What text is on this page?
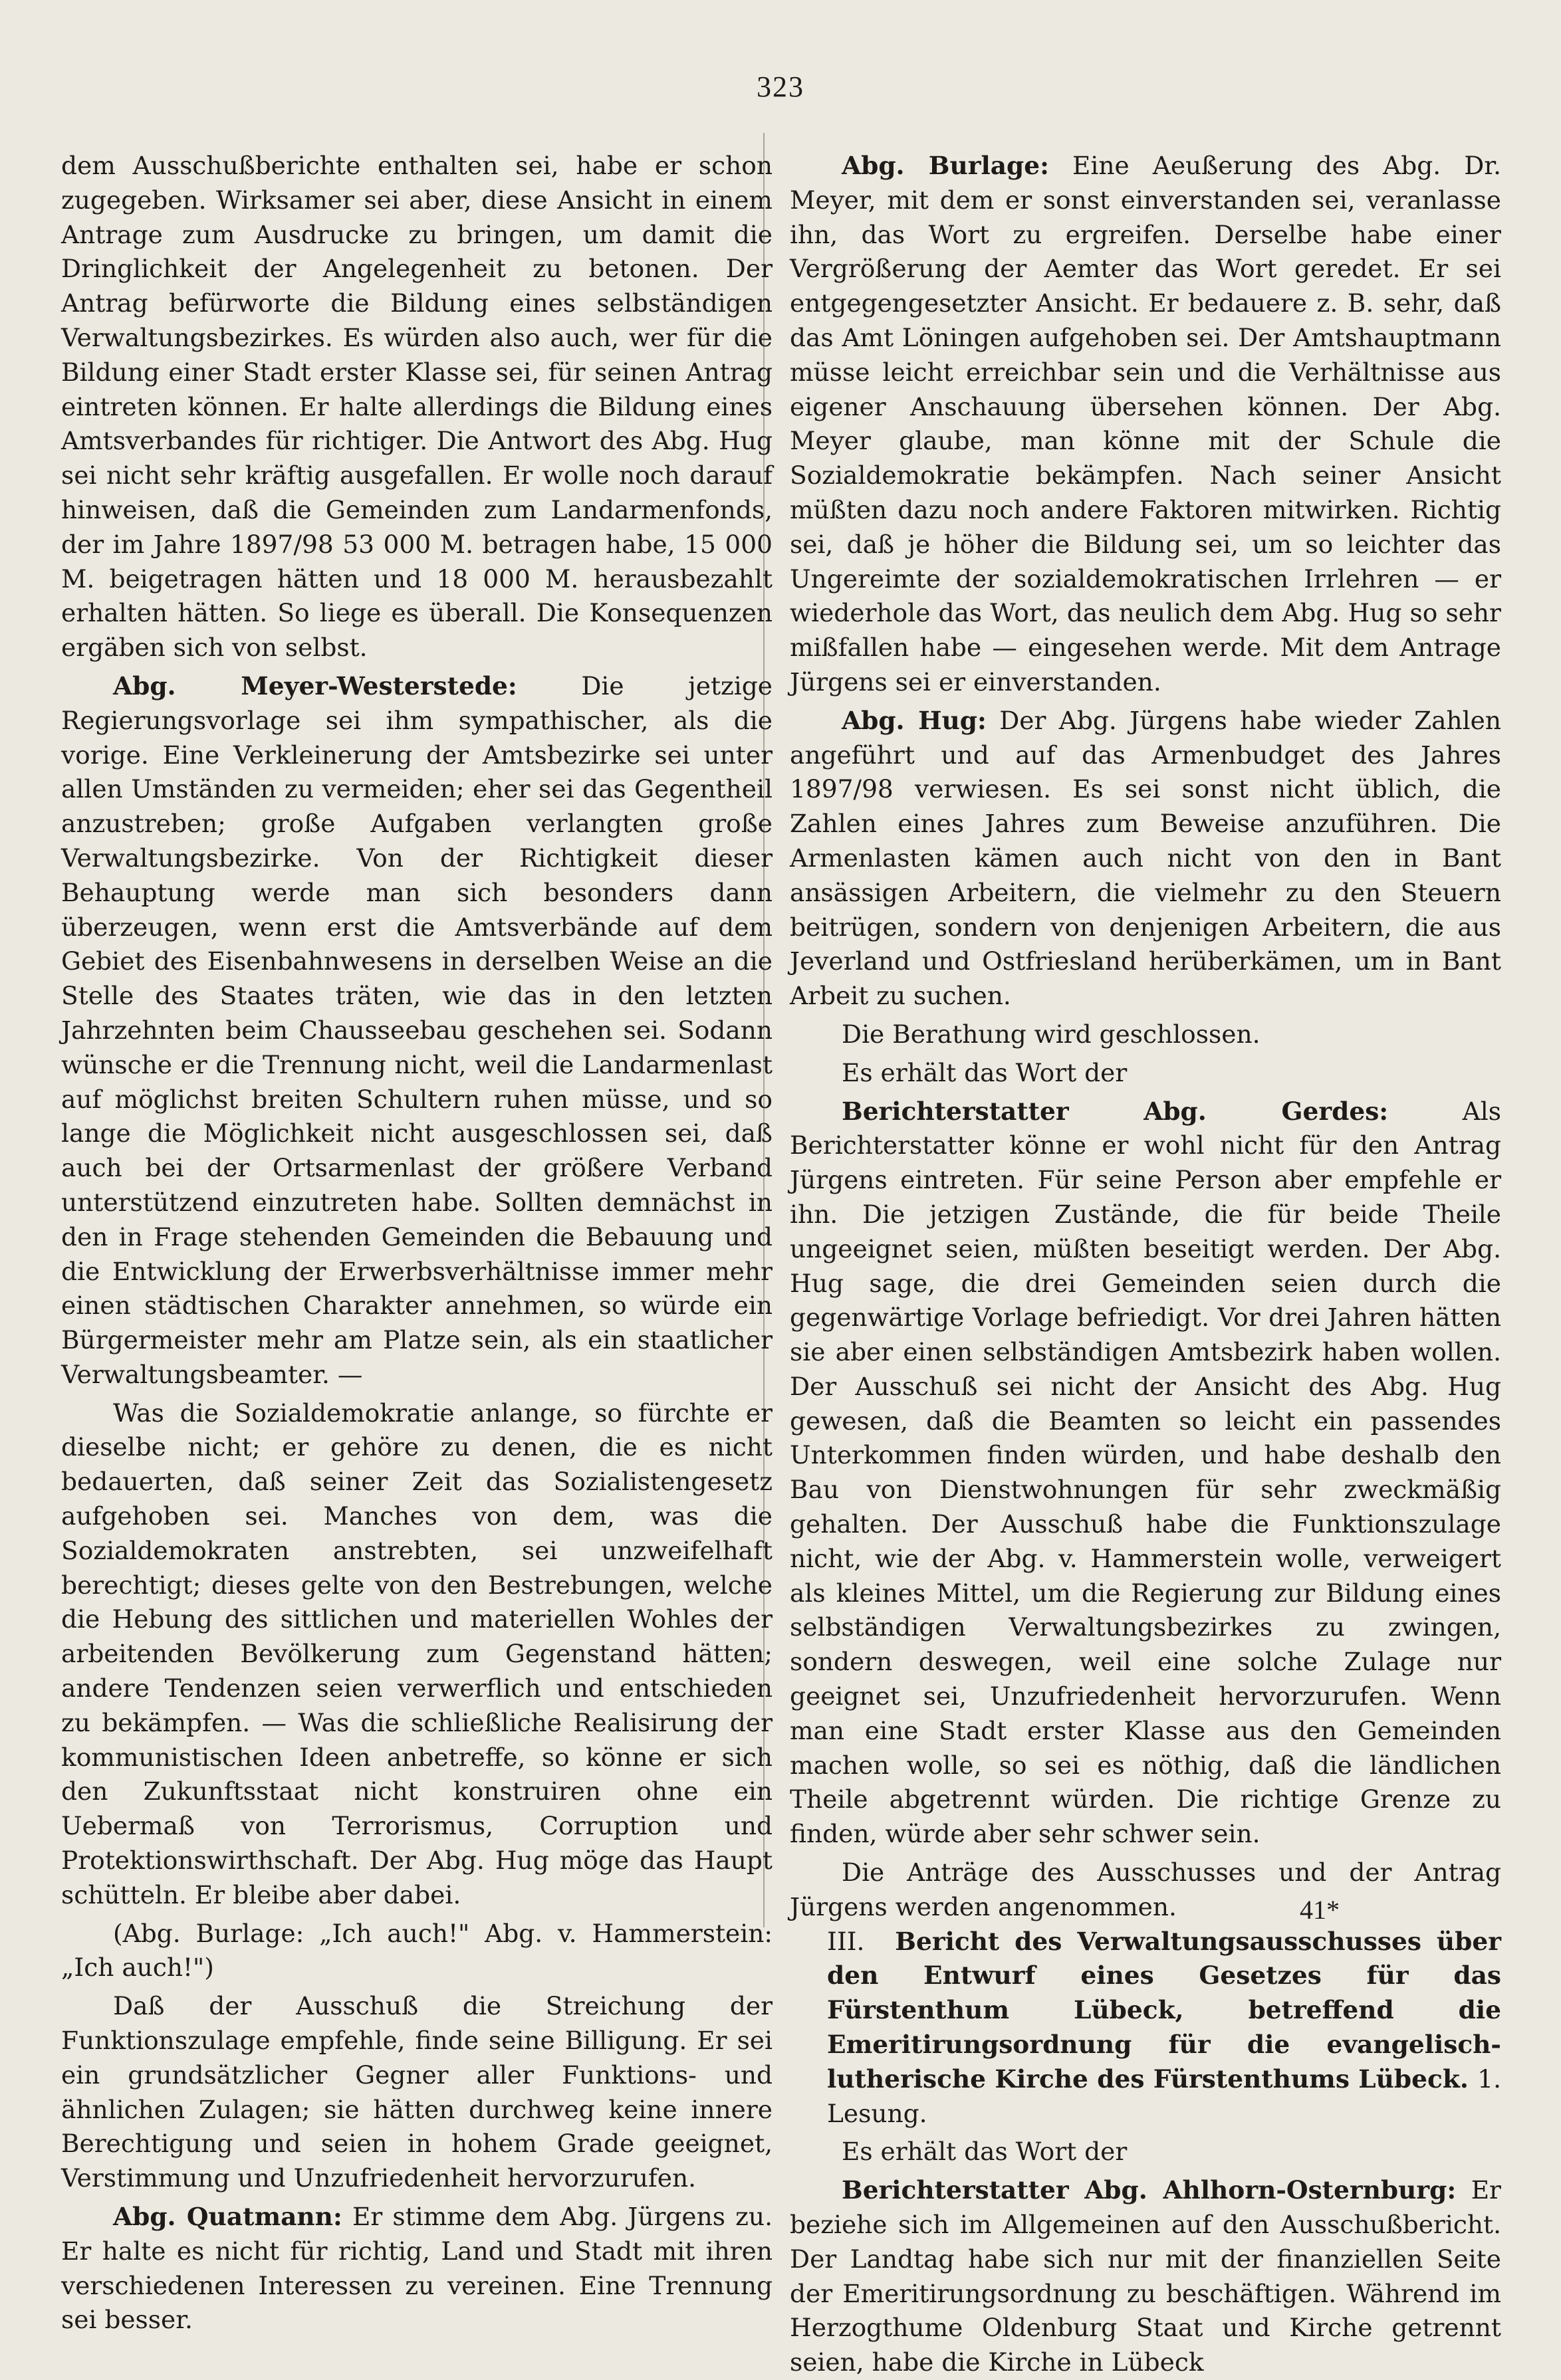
323

dem Ausschußberichte enthalten sei, habe er schon zugegeben. Wirksamer sei aber, diese Ansicht in einem Antrage zum Ausdrucke zu bringen, um damit die Dringlichkeit der Angelegenheit zu betonen. Der Antrag befürworte die Bildung eines selbständigen Verwaltungsbezirkes. Es würden also auch, wer für die Bildung einer Stadt erster Klasse sei, für seinen Antrag eintreten können. Er halte allerdings die Bildung eines Amtsverbandes für richtiger. Die Antwort des Abg. Hug sei nicht sehr kräftig ausgefallen. Er wolle noch darauf hinweisen, daß die Gemeinden zum Landarmenfonds, der im Jahre 1897/98 53 000 M. betragen habe, 15 000 M. beigetragen hätten und 18 000 M. herausbezahlt erhalten hätten. So liege es überall. Die Konsequenzen ergäben sich von selbst.

Abg. Meyer-Westerstede:	Die jetzige Regierungsvorlage sei ihm sympathischer, als die vorige. Eine Verkleinerung der Amtsbezirke sei unter allen Umständen zu vermeiden; eher sei das Gegentheil anzustreben; große Aufgaben verlangten große Verwaltungsbezirke. Von der Richtigkeit dieser Behauptung werde man sich besonders dann überzeugen, wenn erst die Amtsverbände auf dem Gebiet des Eisenbahnwesens in derselben Weise an die Stelle des Staates träten, wie das in den letzten Jahrzehnten beim Chausseebau geschehen sei. Sodann wünsche er die Trennung nicht, weil die Landarmenlast auf möglichst breiten Schultern ruhen müsse, und so lange die Möglichkeit nicht ausgeschlossen sei, daß auch bei der Ortsarmenlast der größere Verband unterstützend einzutreten habe. Sollten demnächst in den in Frage stehenden Gemeinden die Bebauung und die Entwicklung der Erwerbsverhältnisse immer mehr einen städtischen Charakter annehmen, so würde ein Bürgermeister mehr am Platze sein, als ein staatlicher Verwaltungsbeamter. —

Was die Sozialdemokratie anlange, so fürchte er dieselbe nicht; er gehöre zu denen, die es nicht bedauerten, daß seiner Zeit das Sozialistengesetz aufgehoben sei. Manches von dem, was die Sozialdemokraten anstrebten, sei unzweifelhaft berechtigt; dieses gelte von den Bestrebungen, welche die Hebung des sittlichen und materiellen Wohles der arbeitenden Bevölkerung zum Gegenstand hätten; andere Tendenzen seien verwerflich und entschieden zu bekämpfen. — Was die schließliche Realisirung der kommunistischen Ideen anbetreffe, so könne er sich den Zukunftsstaat nicht konstruiren ohne ein Uebermaß von Terrorismus, Corruption und Protektionswirthschaft. Der Abg. Hug möge das Haupt schütteln. Er bleibe aber dabei.

(Abg. Burlage: „Ich auch!" Abg. v. Hammerstein: „Ich auch!")

Daß der Ausschuß die Streichung der Funktionszulage empfehle, finde seine Billigung. Er sei ein grundsätzlicher Gegner aller Funktions- und ähnlichen Zulagen; sie hätten durchweg keine innere Berechtigung und seien in hohem Grade geeignet, Verstimmung und Unzufriedenheit hervorzurufen.

Abg. Quatmann: Er stimme dem Abg. Jürgens zu. Er halte es nicht für richtig, Land und Stadt mit ihren verschiedenen Interessen zu vereinen. Eine Trennung sei besser.

Abg. Burlage: Eine Aeußerung des Abg. Dr. Meyer, mit dem er sonst einverstanden sei, veranlasse ihn, das Wort zu ergreifen. Derselbe habe einer Vergrößerung der Aemter das Wort geredet. Er sei entgegengesetzter Ansicht. Er bedauere z. B. sehr, daß das Amt Löningen aufgehoben sei. Der Amtshauptmann müsse leicht erreichbar sein und die Verhältnisse aus eigener Anschauung übersehen können. Der Abg. Meyer glaube, man könne mit der Schule die Sozialdemokratie bekämpfen. Nach seiner Ansicht müßten dazu noch andere Faktoren mitwirken. Richtig sei, daß je höher die Bildung sei, um so leichter das Ungereimte der sozialdemokratischen Irrlehren — er wiederhole das Wort, das neulich dem Abg. Hug so sehr mißfallen habe — eingesehen werde. Mit dem Antrage Jürgens sei er einverstanden.

Abg. Hug: Der Abg. Jürgens habe wieder Zahlen angeführt und auf das Armenbudget des Jahres 1897/98 verwiesen. Es sei sonst nicht üblich, die Zahlen eines Jahres zum Beweise anzuführen. Die Armenlasten kämen auch nicht von den in Bant ansässigen Arbeitern, die vielmehr zu den Steuern beitrügen, sondern von denjenigen Arbeitern, die aus Jeverland und Ostfriesland herüberkämen, um in Bant Arbeit zu suchen.

Die Berathung wird geschlossen.

Es erhält das Wort der

Berichterstatter Abg. Gerdes:	Als Berichterstatter könne er wohl nicht für den Antrag Jürgens eintreten. Für seine Person aber empfehle er ihn. Die jetzigen Zustände, die für beide Theile ungeeignet seien, müßten beseitigt werden. Der Abg. Hug sage, die drei Gemeinden seien durch die gegenwärtige Vorlage befriedigt. Vor drei Jahren hätten sie aber einen selbständigen Amtsbezirk haben wollen. Der Ausschuß sei nicht der Ansicht des Abg. Hug gewesen, daß die Beamten so leicht ein passendes Unterkommen finden würden, und habe deshalb den Bau von Dienstwohnungen für sehr zweckmäßig gehalten. Der Ausschuß habe die Funktionszulage nicht, wie der Abg. v. Hammerstein wolle, verweigert als kleines Mittel, um die Regierung zur Bildung eines selbständigen Verwaltungsbezirkes zu zwingen, sondern deswegen, weil eine solche Zulage nur geeignet sei, Unzufriedenheit hervorzurufen. Wenn man eine Stadt erster Klasse aus den Gemeinden machen wolle, so sei es nöthig, daß die ländlichen Theile abgetrennt würden. Die richtige Grenze zu finden, würde aber sehr schwer sein.

Die Anträge des Ausschusses und der Antrag Jürgens werden angenommen.

III. Bericht des Verwaltungsausschusses über den Entwurf eines Gesetzes für das Fürstenthum Lübeck, betreffend die Emeritirungsordnung für die evangelisch-lutherische Kirche des Fürstenthums Lübeck. 1. Lesung.

Es erhält das Wort der

Berichterstatter Abg. Ahlhorn-Osternburg: Er beziehe sich im Allgemeinen auf den Ausschußbericht. Der Landtag habe sich nur mit der finanziellen Seite der Emeritirungsordnung zu beschäftigen. Während im Herzogthume Oldenburg Staat und Kirche getrennt seien, habe die Kirche in Lübeck

41*
